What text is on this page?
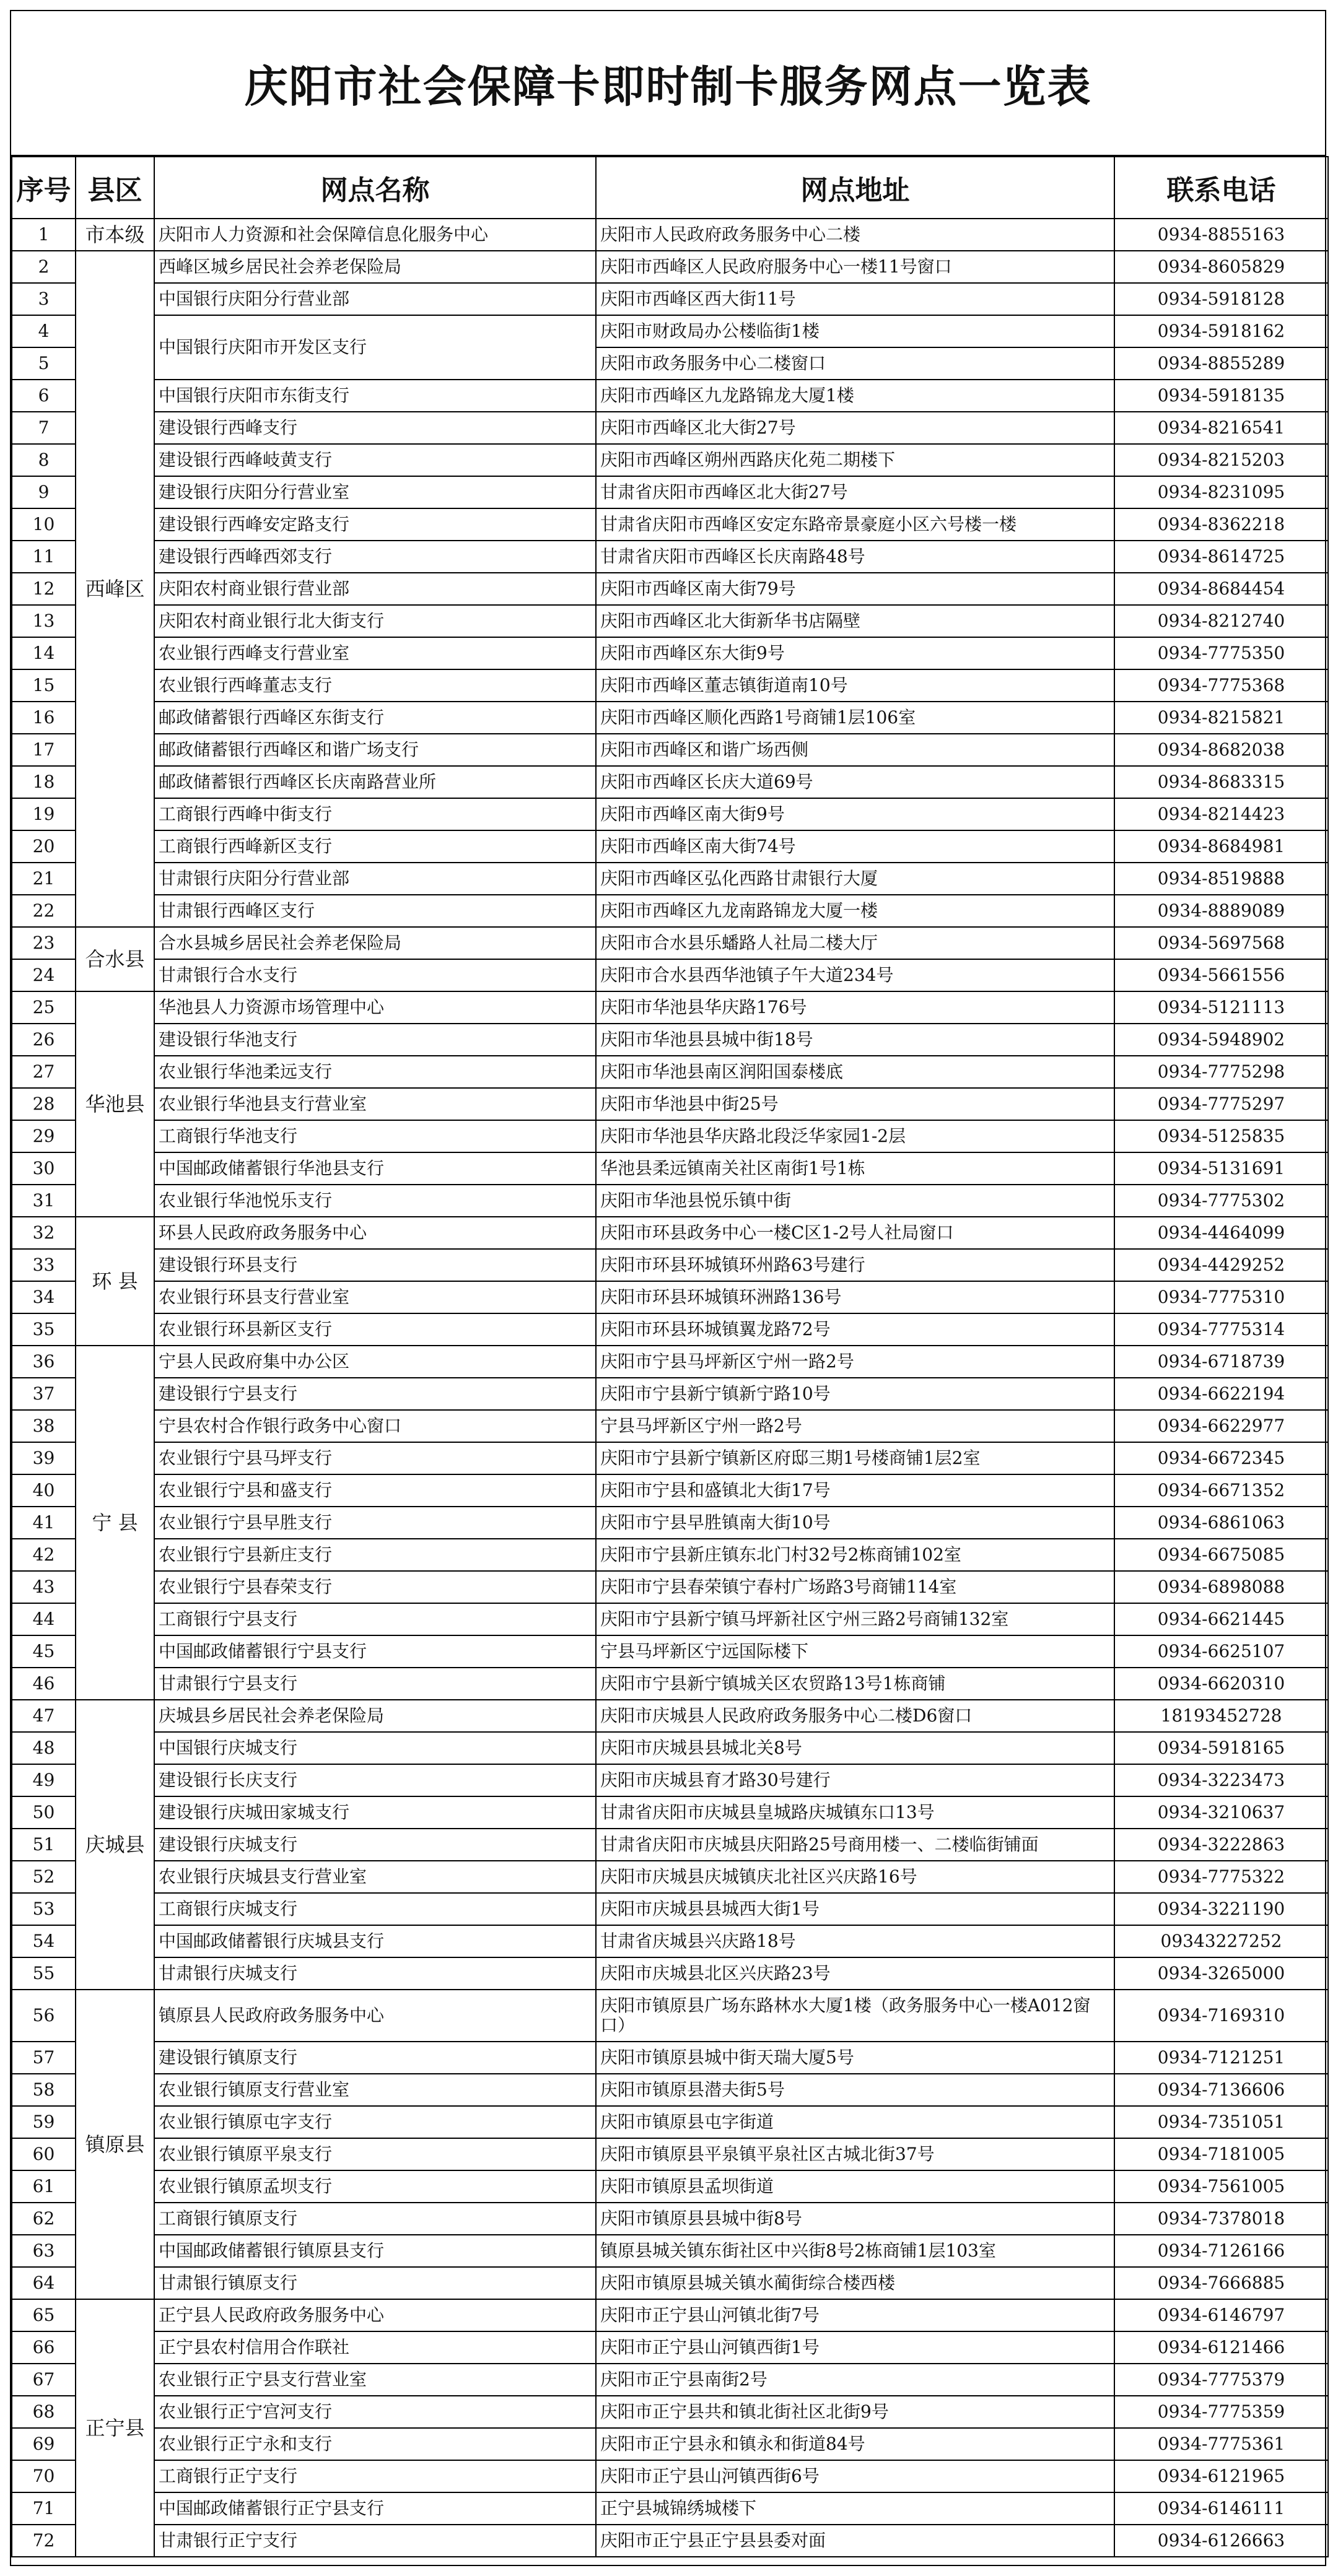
庆阳市社会保障卡即时制卡服务网点一览表
序号	县区	网点名称	网点地址	联系电话
1	市本级	庆阳市人力资源和社会保障信息化服务中心	庆阳市人民政府政务服务中心二楼	0934-8855163
2	西峰区	西峰区城乡居民社会养老保险局	庆阳市西峰区人民政府服务中心一楼11号窗口	0934-8605829
3		中国银行庆阳分行营业部	庆阳市西峰区西大街11号	0934-5918128
4		中国银行庆阳市开发区支行	庆阳市财政局办公楼临街1楼	0934-5918162
5			庆阳市政务服务中心二楼窗口	0934-8855289
6		中国银行庆阳市东街支行	庆阳市西峰区九龙路锦龙大厦1楼	0934-5918135
7		建设银行西峰支行	庆阳市西峰区北大街27号	0934-8216541
8		建设银行西峰岐黄支行	庆阳市西峰区朔州西路庆化苑二期楼下	0934-8215203
9		建设银行庆阳分行营业室	甘肃省庆阳市西峰区北大街27号	0934-8231095
10		建设银行西峰安定路支行	甘肃省庆阳市西峰区安定东路帝景豪庭小区六号楼一楼	0934-8362218
11		建设银行西峰西郊支行	甘肃省庆阳市西峰区长庆南路48号	0934-8614725
12		庆阳农村商业银行营业部	庆阳市西峰区南大街79号	0934-8684454
13		庆阳农村商业银行北大街支行	庆阳市西峰区北大街新华书店隔壁	0934-8212740
14		农业银行西峰支行营业室	庆阳市西峰区东大街9号	0934-7775350
15		农业银行西峰董志支行	庆阳市西峰区董志镇街道南10号	0934-7775368
16		邮政储蓄银行西峰区东街支行	庆阳市西峰区顺化西路1号商铺1层106室	0934-8215821
17		邮政储蓄银行西峰区和谐广场支行	庆阳市西峰区和谐广场西侧	0934-8682038
18		邮政储蓄银行西峰区长庆南路营业所	庆阳市西峰区长庆大道69号	0934-8683315
19		工商银行西峰中街支行	庆阳市西峰区南大街9号	0934-8214423
20		工商银行西峰新区支行	庆阳市西峰区南大街74号	0934-8684981
21		甘肃银行庆阳分行营业部	庆阳市西峰区弘化西路甘肃银行大厦	0934-8519888
22		甘肃银行西峰区支行	庆阳市西峰区九龙南路锦龙大厦一楼	0934-8889089
23	合水县	合水县城乡居民社会养老保险局	庆阳市合水县乐蟠路人社局二楼大厅	0934-5697568
24		甘肃银行合水支行	庆阳市合水县西华池镇子午大道234号	0934-5661556
25	华池县	华池县人力资源市场管理中心	庆阳市华池县华庆路176号	0934-5121113
26		建设银行华池支行	庆阳市华池县县城中街18号	0934-5948902
27		农业银行华池柔远支行	庆阳市华池县南区润阳国泰楼底	0934-7775298
28		农业银行华池县支行营业室	庆阳市华池县中街25号	0934-7775297
29		工商银行华池支行	庆阳市华池县华庆路北段泛华家园1-2层	0934-5125835
30		中国邮政储蓄银行华池县支行	华池县柔远镇南关社区南街1号1栋	0934-5131691
31		农业银行华池悦乐支行	庆阳市华池县悦乐镇中街	0934-7775302
32	环 县	环县人民政府政务服务中心	庆阳市环县政务中心一楼C区1-2号人社局窗口	0934-4464099
33		建设银行环县支行	庆阳市环县环城镇环州路63号建行	0934-4429252
34		农业银行环县支行营业室	庆阳市环县环城镇环洲路136号	0934-7775310
35		农业银行环县新区支行	庆阳市环县环城镇翼龙路72号	0934-7775314
36	宁 县	宁县人民政府集中办公区	庆阳市宁县马坪新区宁州一路2号	0934-6718739
37		建设银行宁县支行	庆阳市宁县新宁镇新宁路10号	0934-6622194
38		宁县农村合作银行政务中心窗口	宁县马坪新区宁州一路2号	0934-6622977
39		农业银行宁县马坪支行	庆阳市宁县新宁镇新区府邸三期1号楼商铺1层2室	0934-6672345
40		农业银行宁县和盛支行	庆阳市宁县和盛镇北大街17号	0934-6671352
41		农业银行宁县早胜支行	庆阳市宁县早胜镇南大街10号	0934-6861063
42		农业银行宁县新庄支行	庆阳市宁县新庄镇东北门村32号2栋商铺102室	0934-6675085
43		农业银行宁县春荣支行	庆阳市宁县春荣镇宁春村广场路3号商铺114室	0934-6898088
44		工商银行宁县支行	庆阳市宁县新宁镇马坪新社区宁州三路2号商铺132室	0934-6621445
45		中国邮政储蓄银行宁县支行	宁县马坪新区宁远国际楼下	0934-6625107
46		甘肃银行宁县支行	庆阳市宁县新宁镇城关区农贸路13号1栋商铺	0934-6620310
47	庆城县	庆城县乡居民社会养老保险局	庆阳市庆城县人民政府政务服务中心二楼D6窗口	18193452728
48		中国银行庆城支行	庆阳市庆城县县城北关8号	0934-5918165
49		建设银行长庆支行	庆阳市庆城县育才路30号建行	0934-3223473
50		建设银行庆城田家城支行	甘肃省庆阳市庆城县皇城路庆城镇东口13号	0934-3210637
51		建设银行庆城支行	甘肃省庆阳市庆城县庆阳路25号商用楼一、二楼临街铺面	0934-3222863
52		农业银行庆城县支行营业室	庆阳市庆城县庆城镇庆北社区兴庆路16号	0934-7775322
53		工商银行庆城支行	庆阳市庆城县县城西大街1号	0934-3221190
54		中国邮政储蓄银行庆城县支行	甘肃省庆城县兴庆路18号	09343227252
55		甘肃银行庆城支行	庆阳市庆城县北区兴庆路23号	0934-3265000
56	镇原县	镇原县人民政府政务服务中心	庆阳市镇原县广场东路林水大厦1楼（政务服务中心一楼A012窗口）	0934-7169310
57		建设银行镇原支行	庆阳市镇原县城中街天瑞大厦5号	0934-7121251
58		农业银行镇原支行营业室	庆阳市镇原县潜夫街5号	0934-7136606
59		农业银行镇原屯字支行	庆阳市镇原县屯字街道	0934-7351051
60		农业银行镇原平泉支行	庆阳市镇原县平泉镇平泉社区古城北街37号	0934-7181005
61		农业银行镇原孟坝支行	庆阳市镇原县孟坝街道	0934-7561005
62		工商银行镇原支行	庆阳市镇原县县城中街8号	0934-7378018
63		中国邮政储蓄银行镇原县支行	镇原县城关镇东街社区中兴街8号2栋商铺1层103室	0934-7126166
64		甘肃银行镇原支行	庆阳市镇原县城关镇水蔺街综合楼西楼	0934-7666885
65	正宁县	正宁县人民政府政务服务中心	庆阳市正宁县山河镇北街7号	0934-6146797
66		正宁县农村信用合作联社	庆阳市正宁县山河镇西街1号	0934-6121466
67		农业银行正宁县支行营业室	庆阳市正宁县南街2号	0934-7775379
68		农业银行正宁宫河支行	庆阳市正宁县共和镇北街社区北街9号	0934-7775359
69		农业银行正宁永和支行	庆阳市正宁县永和镇永和街道84号	0934-7775361
70		工商银行正宁支行	庆阳市正宁县山河镇西街6号	0934-6121965
71		中国邮政储蓄银行正宁县支行	正宁县城锦绣城楼下	0934-6146111
72		甘肃银行正宁支行	庆阳市正宁县正宁县县委对面	0934-6126663
